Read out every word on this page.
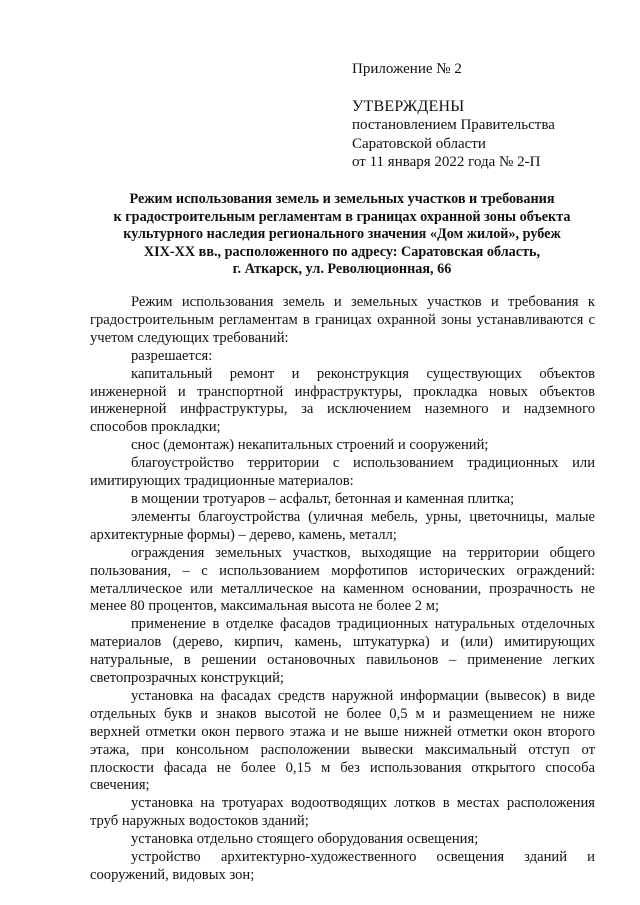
Приложение № 2
УТВЕРЖДЕНЫ
постановлением Правительства
Саратовской области
от 11 января 2022 года № 2-П
Режим использования земель и земельных участков и требования
к градостроительным регламентам в границах охранной зоны объекта
культурного наследия регионального значения «Дом жилой», рубеж
XIX-XX вв., расположенного по адресу: Саратовская область,
г. Аткарск, ул. Революционная, 66

Режим использования земель и земельных участков и требования к градостроительным регламентам в границах охранной зоны устанавливаются с учетом следующих требований:

разрешается:

капитальный ремонт и реконструкция существующих объектов инженерной и транспортной инфраструктуры, прокладка новых объектов инженерной инфраструктуры, за исключением наземного и надземного способов прокладки;

снос (демонтаж) некапитальных строений и сооружений;

благоустройство территории с использованием традиционных или имитирующих традиционные материалов:

в мощении тротуаров – асфальт, бетонная и каменная плитка;

элементы благоустройства (уличная мебель, урны, цветочницы, малые архитектурные формы) – дерево, камень, металл;

ограждения земельных участков, выходящие на территории общего пользования, – с использованием морфотипов исторических ограждений: металлическое или металлическое на каменном основании, прозрачность не менее 80 процентов, максимальная высота не более 2 м;

применение в отделке фасадов традиционных натуральных отделочных материалов (дерево, кирпич, камень, штукатурка) и (или) имитирующих натуральные, в решении остановочных павильонов – применение легких светопрозрачных конструкций;

установка на фасадах средств наружной информации (вывесок) в виде отдельных букв и знаков высотой не более 0,5 м и размещением не ниже верхней отметки окон первого этажа и не выше нижней отметки окон второго этажа, при консольном расположении вывески максимальный отступ от плоскости фасада не более 0,15 м без использования открытого способа свечения;

установка на тротуарах водоотводящих лотков в местах расположения труб наружных водостоков зданий;

установка отдельно стоящего оборудования освещения;

устройство архитектурно-художественного освещения зданий и сооружений, видовых зон;
